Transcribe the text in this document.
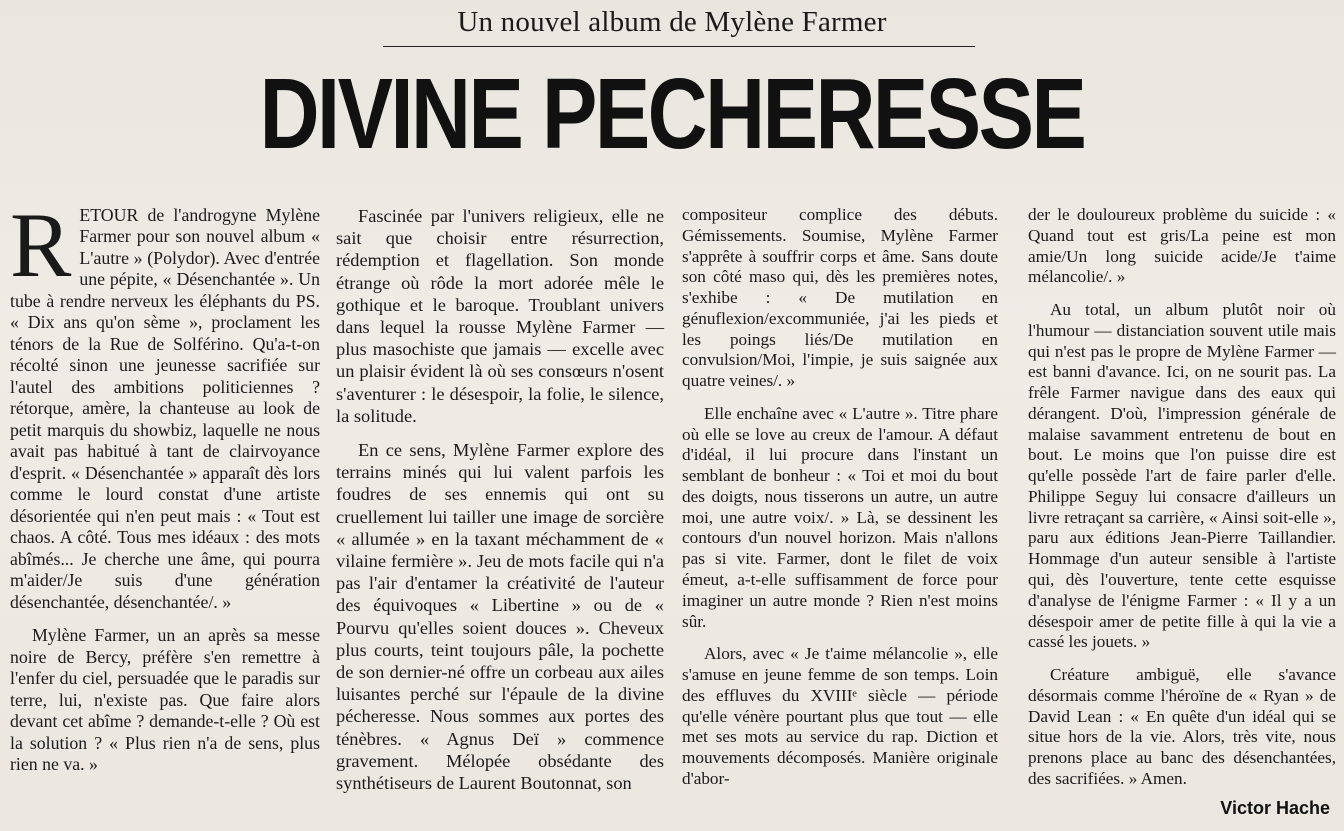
Un nouvel album de Mylène Farmer
DIVINE PECHERESSE

RETOUR de l'androgyne Mylène Farmer pour son nouvel album « L'autre » (Polydor). Avec d'entrée une pépite, « Désenchantée ». Un tube à rendre nerveux les éléphants du PS. « Dix ans qu'on sème », proclament les ténors de la Rue de Solférino. Qu'a-t-on récolté sinon une jeunesse sacrifiée sur l'autel des ambitions politiciennes ? rétorque, amère, la chanteuse au look de petit marquis du showbiz, laquelle ne nous avait pas habitué à tant de clairvoyance d'esprit. « Désenchantée » apparaît dès lors comme le lourd constat d'une artiste désorientée qui n'en peut mais : « Tout est chaos. A côté. Tous mes idéaux : des mots abîmés... Je cherche une âme, qui pourra m'aider/Je suis d'une génération désenchantée, désenchantée/. »

Mylène Farmer, un an après sa messe noire de Bercy, préfère s'en remettre à l'enfer du ciel, persuadée que le paradis sur terre, lui, n'existe pas. Que faire alors devant cet abîme ? demande-t-elle ? Où est la solution ? « Plus rien n'a de sens, plus rien ne va. »

Fascinée par l'univers religieux, elle ne sait que choisir entre résurrection, rédemption et flagellation. Son monde étrange où rôde la mort adorée mêle le gothique et le baroque. Troublant univers dans lequel la rousse Mylène Farmer — plus masochiste que jamais — excelle avec un plaisir évident là où ses consœurs n'osent s'aventurer : le désespoir, la folie, le silence, la solitude.

En ce sens, Mylène Farmer explore des terrains minés qui lui valent parfois les foudres de ses ennemis qui ont su cruellement lui tailler une image de sorcière « allumée » en la taxant méchamment de « vilaine fermière ». Jeu de mots facile qui n'a pas l'air d'entamer la créativité de l'auteur des équivoques « Libertine » ou de « Pourvu qu'elles soient douces ». Cheveux plus courts, teint toujours pâle, la pochette de son dernier-né offre un corbeau aux ailes luisantes perché sur l'épaule de la divine pécheresse. Nous sommes aux portes des ténèbres. « Agnus Deï » commence gravement. Mélopée obsédante des synthétiseurs de Laurent Boutonnat, son

compositeur complice des débuts. Gémissements. Soumise, Mylène Farmer s'apprête à souffrir corps et âme. Sans doute son côté maso qui, dès les premières notes, s'exhibe : « De mutilation en génuflexion/excommuniée, j'ai les pieds et les poings liés/De mutilation en convulsion/Moi, l'impie, je suis saignée aux quatre veines/. »

Elle enchaîne avec « L'autre ». Titre phare où elle se love au creux de l'amour. A défaut d'idéal, il lui procure dans l'instant un semblant de bonheur : « Toi et moi du bout des doigts, nous tisserons un autre, un autre moi, une autre voix/. » Là, se dessinent les contours d'un nouvel horizon. Mais n'allons pas si vite. Farmer, dont le filet de voix émeut, a-t-elle suffisamment de force pour imaginer un autre monde ? Rien n'est moins sûr.

Alors, avec « Je t'aime mélancolie », elle s'amuse en jeune femme de son temps. Loin des effluves du XVIIIᵉ siècle — période qu'elle vénère pourtant plus que tout — elle met ses mots au service du rap. Diction et mouvements décomposés. Manière originale d'abor-

der le douloureux problème du suicide : « Quand tout est gris/La peine est mon amie/Un long suicide acide/Je t'aime mélancolie/. »

Au total, un album plutôt noir où l'humour — distanciation souvent utile mais qui n'est pas le propre de Mylène Farmer — est banni d'avance. Ici, on ne sourit pas. La frêle Farmer navigue dans des eaux qui dérangent. D'où, l'impression générale de malaise savamment entretenu de bout en bout. Le moins que l'on puisse dire est qu'elle possède l'art de faire parler d'elle. Philippe Seguy lui consacre d'ailleurs un livre retraçant sa carrière, « Ainsi soit-elle », paru aux éditions Jean-Pierre Taillandier. Hommage d'un auteur sensible à l'artiste qui, dès l'ouverture, tente cette esquisse d'analyse de l'énigme Farmer : « Il y a un désespoir amer de petite fille à qui la vie a cassé les jouets. »

Créature ambiguë, elle s'avance désormais comme l'héroïne de « Ryan » de David Lean : « En quête d'un idéal qui se situe hors de la vie. Alors, très vite, nous prenons place au banc des désenchantées, des sacrifiées. » Amen.

Victor Hache
